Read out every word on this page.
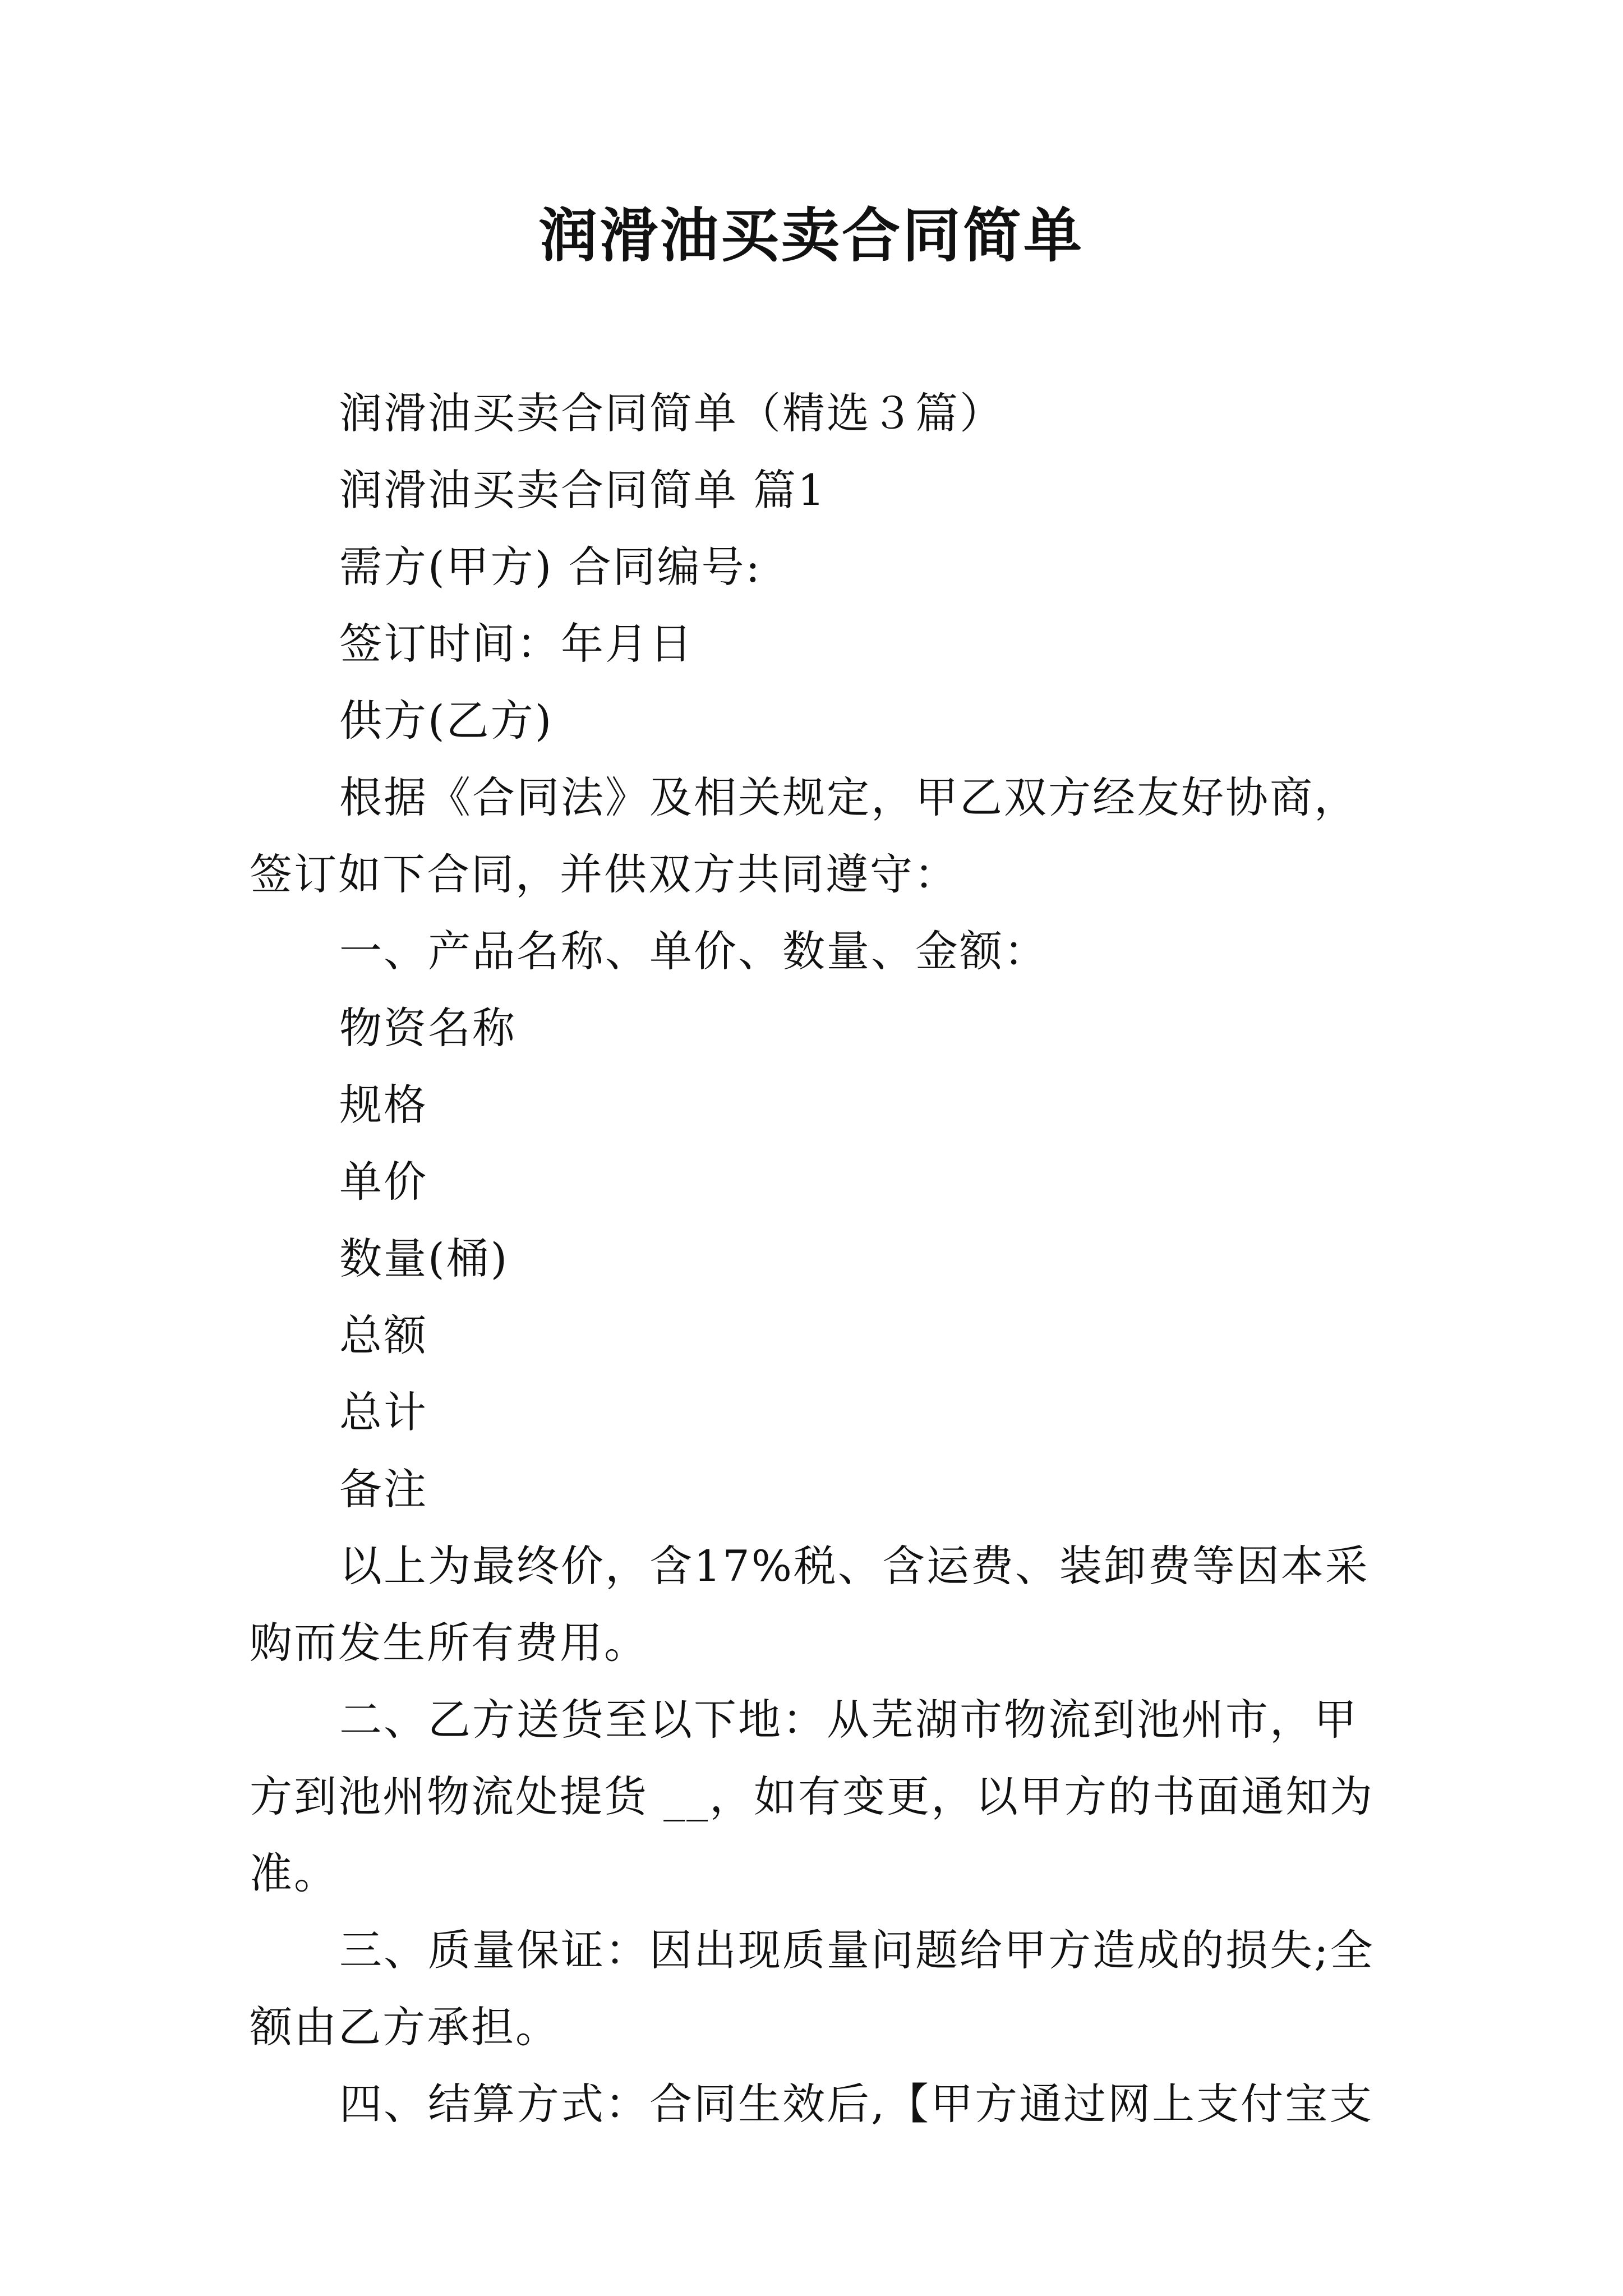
润滑油买卖合同简单

润滑油买卖合同简单（精选３篇）

润滑油买卖合同简单 篇1

需方(甲方) 合同编号:

签订时间：年月日

供方(乙方)

根据《合同法》及相关规定，甲乙双方经友好协商，签订如下合同，并供双方共同遵守：

一、产品名称、单价、数量、金额：

物资名称

规格

单价

数量(桶)

总额

总计

备注

以上为最终价，含17%税、含运费、装卸费等因本采购而发生所有费用。

二、乙方送货至以下地：从芜湖市物流到池州市，甲方到池州物流处提货 __，如有变更，以甲方的书面通知为准。

三、质量保证：因出现质量问题给甲方造成的损失;全额由乙方承担。

四、结算方式：合同生效后,【甲方通过网上支付宝支
